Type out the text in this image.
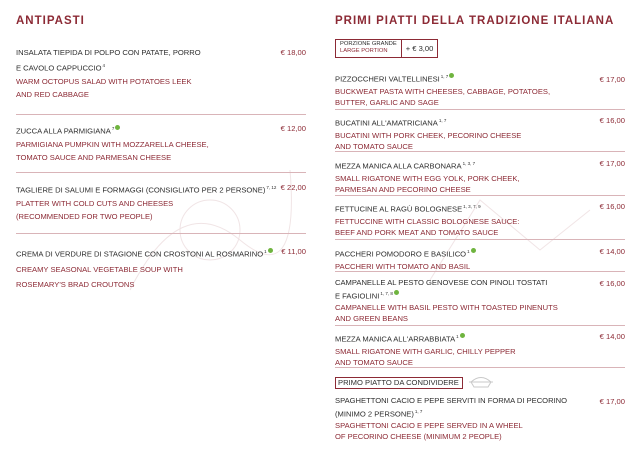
ANTIPASTI
INSALATA TIEPIDA DI POLPO CON PATATE, PORRO
E CAVOLO CAPPUCCIO$^4$
€ 18,00
WARM OCTOPUS SALAD WITH POTATOES LEEK
AND RED CABBAGE
ZUCCA ALLA PARMIGIANA$^7$	€ 12,00
PARMIGIANA PUMPKIN WITH MOZZARELLA CHEESE,
TOMATO SAUCE AND PARMESAN CHEESE
TAGLIERE DI SALUMI E FORMAGGI (CONSIGLIATO PER 2 PERSONE)$^{7, 12}$ € 22,00
PLATTER WITH COLD CUTS AND CHEESES
(RECOMMENDED FOR TWO PEOPLE)
CREMA DI VERDURE DI STAGIONE CON CROSTONI AL ROSMARINO$^1$	€ 11,00
CREAMY SEASONAL VEGETABLE SOUP WITH
ROSEMARY'S BRAD CROUTONS
PRIMI PIATTI DELLA TRADIZIONE ITALIANA
PORZIONE GRANDE
LARGE PORTION	+ € 3,00
PIZZOCCHERI VALTELLINESI$^{1, 7}$	€ 17,00
BUCKWEAT PASTA WITH CHEESES, CABBAGE, POTATOES,
BUTTER, GARLIC AND SAGE
BUCATINI ALL'AMATRICIANA$^{1, 7}$	€ 16,00
BUCATINI WITH PORK CHEEK, PECORINO CHEESE
AND TOMATO SAUCE
MEZZA MANICA ALLA CARBONARA$^{1, 3, 7}$	€ 17,00
SMALL RIGATONE WITH EGG YOLK, PORK CHEEK,
PARMESAN AND PECORINO CHEESE
FETTUCINE AL RAGÙ BOLOGNESE$^{1, 3, 7, 9}$	€ 16,00
FETTUCCINE WITH CLASSIC BOLOGNESE SAUCE:
BEEF AND PORK MEAT AND TOMATO SAUCE
PACCHERI POMODORO E BASILICO$^1$	€ 14,00
PACCHERI WITH TOMATO AND BASIL
CAMPANELLE AL PESTO GENOVESE CON PINOLI TOSTATI
E FAGIOLINI$^{1, 7, 8}$
€ 16,00
CAMPANELLE WITH BASIL PESTO WITH TOASTED PINENUTS
AND GREEN BEANS
MEZZA MANICA ALL'ARRABBIATA$^1$	€ 14,00
SMALL RIGATONE WITH GARLIC, CHILLY PEPPER
AND TOMATO SAUCE
PRIMO PIATTO DA CONDIVIDERE
SPAGHETTONI CACIO E PEPE SERVITI IN FORMA DI PECORINO
(MINIMO 2 PERSONE)$^{1, 7}$
€ 17,00
SPAGHETTONI CACIO E PEPE SERVED IN A WHEEL
OF PECORINO CHEESE (MINIMUM 2 PEOPLE)
